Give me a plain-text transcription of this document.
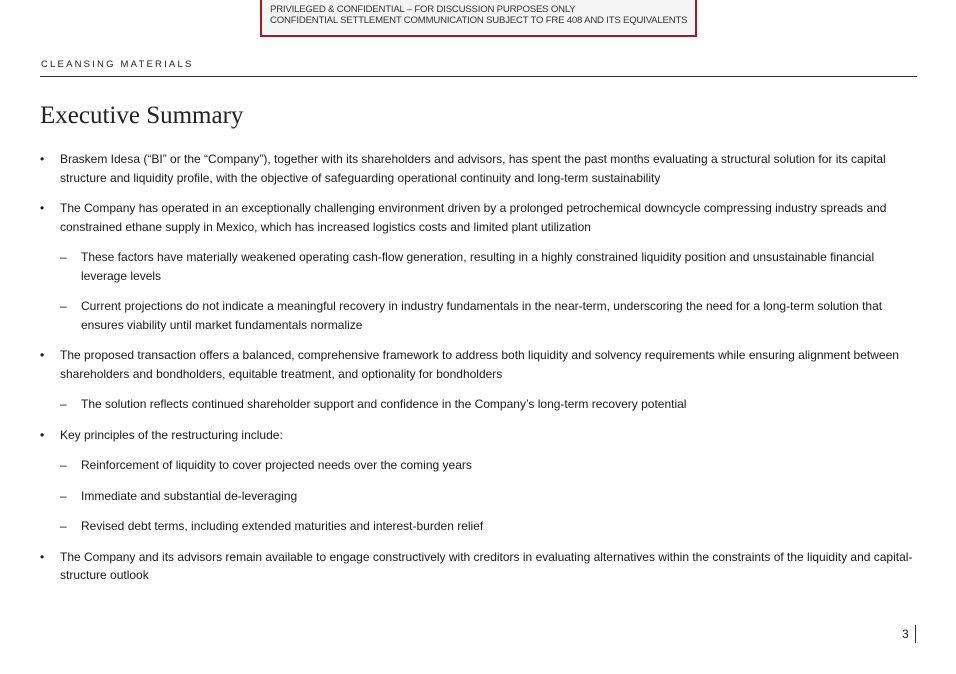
PRIVILEGED & CONFIDENTIAL – FOR DISCUSSION PURPOSES ONLY
CONFIDENTIAL SETTLEMENT COMMUNICATION SUBJECT TO FRE 408 AND ITS EQUIVALENTS
CLEANSING MATERIALS
Executive Summary
• Braskem Idesa (“BI” or the “Company”), together with its shareholders and advisors, has spent the past months evaluating a structural solution for its capital structure and liquidity profile, with the objective of safeguarding operational continuity and long-term sustainability
• The Company has operated in an exceptionally challenging environment driven by a prolonged petrochemical downcycle compressing industry spreads and constrained ethane supply in Mexico, which has increased logistics costs and limited plant utilization
– These factors have materially weakened operating cash-flow generation, resulting in a highly constrained liquidity position and unsustainable financial leverage levels
– Current projections do not indicate a meaningful recovery in industry fundamentals in the near-term, underscoring the need for a long-term solution that ensures viability until market fundamentals normalize
• The proposed transaction offers a balanced, comprehensive framework to address both liquidity and solvency requirements while ensuring alignment between shareholders and bondholders, equitable treatment, and optionality for bondholders
– The solution reflects continued shareholder support and confidence in the Company’s long-term recovery potential
• Key principles of the restructuring include:
– Reinforcement of liquidity to cover projected needs over the coming years
– Immediate and substantial de-leveraging
– Revised debt terms, including extended maturities and interest-burden relief
• The Company and its advisors remain available to engage constructively with creditors in evaluating alternatives within the constraints of the liquidity and capital-structure outlook
3
